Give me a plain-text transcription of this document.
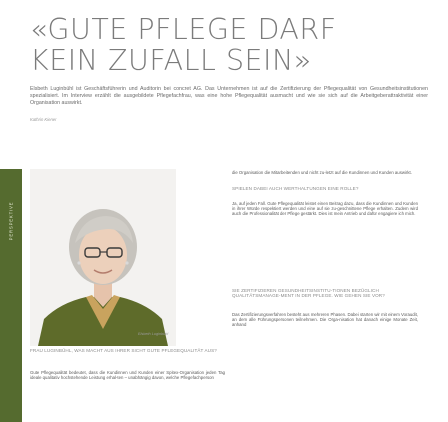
«GUTE PFLEGE DARF
KEIN ZUFALL SEIN»

Elsbeth Luginbühl ist Geschäftsführerin und Auditorin bei concret AG. Das Unternehmen ist auf die Zertifizierung der Pflegequalität von Gesundheitsinstitutionen spezialisiert. Im Interview erzählt die ausgebildete Pflegefachfrau, was eine hohe Pflegequalität ausmacht und wie sie sich auf die Arbeitgeberattraktivität einer Organisation auswirkt.

Kathrin Kiener

PERSPEKTIVE

Elsbeth Luginbühl

die Organisation die Mitarbeitenden und nicht zu-letzt auf die Kundinnen und Kunden auswirkt.

SPIELEN DABEI AUCH WERTHALTUNGEN EINE ROLLE?

Ja, auf jeden Fall. Gute Pflegequalität leistet einen Beitrag dazu, dass die Kundinnen und Kunden in ihrer Würde respektiert werden und eine auf sie zu-geschnittene Pflege erhalten. Zudem wird auch die Professionalität der Pflege gestärkt. Dies ist mein Antrieb und dafür engagiere ich mich.

SIE ZERTIFIZIEREN GESUNDHEITSINSTITU-TIONEN BEZÜGLICH QUALITÄTSMANAGE-MENT IN DER PFLEGE. WIE GEHEN SIE VOR?

Das Zertifizierungsverfahren besteht aus mehreren Phasen. Dabei starten wir mit einem Voraudit, an dem alle Führungspersonen teilnehmen. Die Orga-nisation hat danach einige Monate Zeit, anhand

FRAU LUGINBÜHL, WAS MACHT AUS IHRER SICHT GUTE PFLEGEQUALITÄT AUS?

Gute Pflegequalität bedeutet, dass die Kundinnen und Kunden einer Spitex-Organisation jeden Tag ideale qualitativ hochstehende Leistung erhal-ten – unabhängig davon, welche Pflegefachperson
